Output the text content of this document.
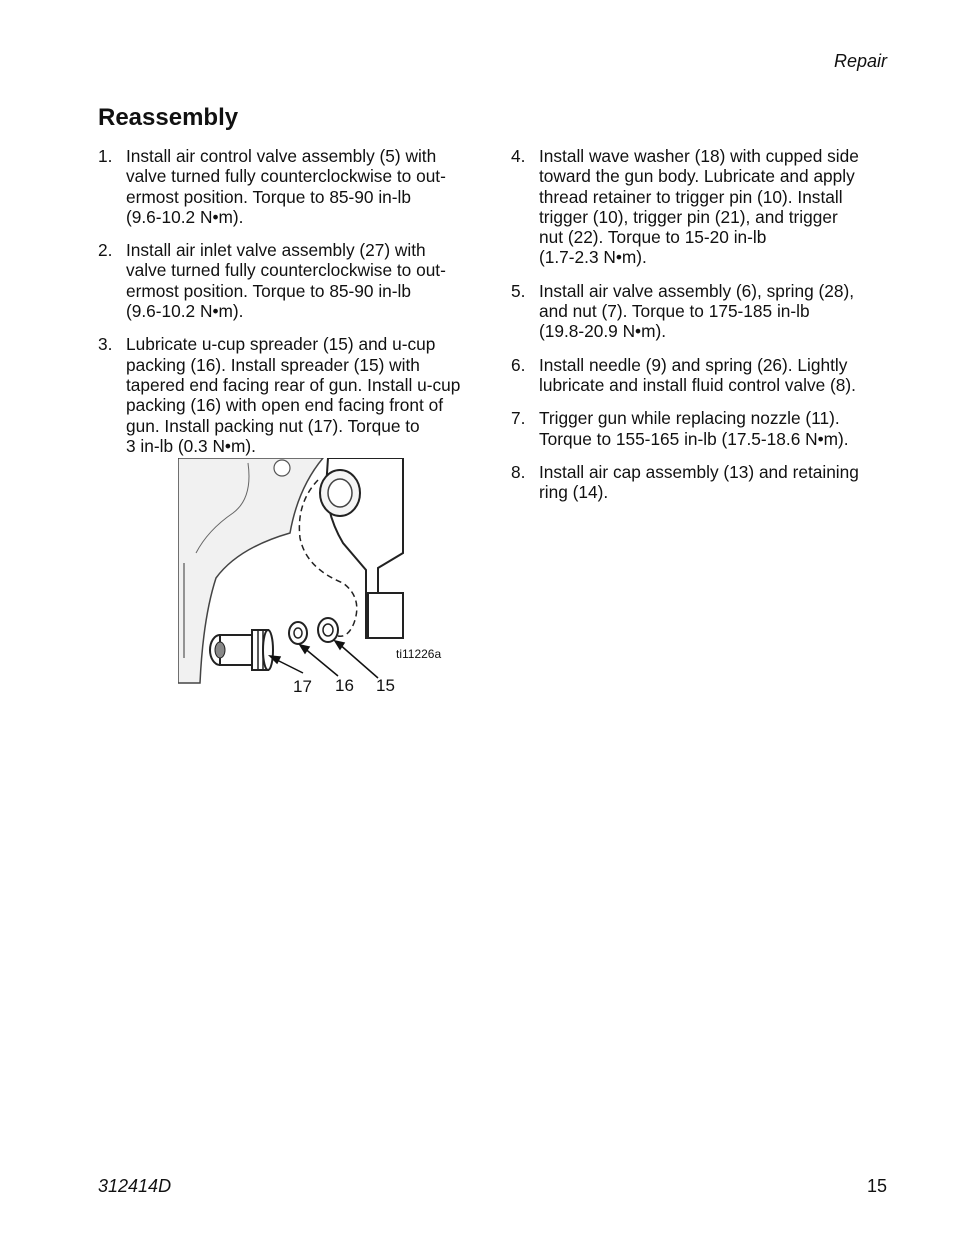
Repair
Reassembly
1. Install air control valve assembly (5) with
valve turned fully counterclockwise to out-
ermost position. Torque to 85-90 in-lb
(9.6-10.2 N•m).
2. Install air inlet valve assembly (27) with
valve turned fully counterclockwise to out-
ermost position. Torque to 85-90 in-lb
(9.6-10.2 N•m).
3. Lubricate u-cup spreader (15) and u-cup
packing (16). Install spreader (15) with
tapered end facing rear of gun. Install u-cup
packing (16) with open end facing front of
gun. Install packing nut (17). Torque to
3 in-lb (0.3 N•m).
17 16 15
ti11226a
4. Install wave washer (18) with cupped side
toward the gun body. Lubricate and apply
thread retainer to trigger pin (10). Install
trigger (10), trigger pin (21), and trigger
nut (22). Torque to 15-20 in-lb
(1.7-2.3 N•m).
5. Install air valve assembly (6), spring (28),
and nut (7). Torque to 175-185 in-lb
(19.8-20.9 N•m).
6. Install needle (9) and spring (26). Lightly
lubricate and install fluid control valve (8).
7. Trigger gun while replacing nozzle (11).
Torque to 155-165 in-lb (17.5-18.6 N•m).
8. Install air cap assembly (13) and retaining
ring (14).
312414D	15
